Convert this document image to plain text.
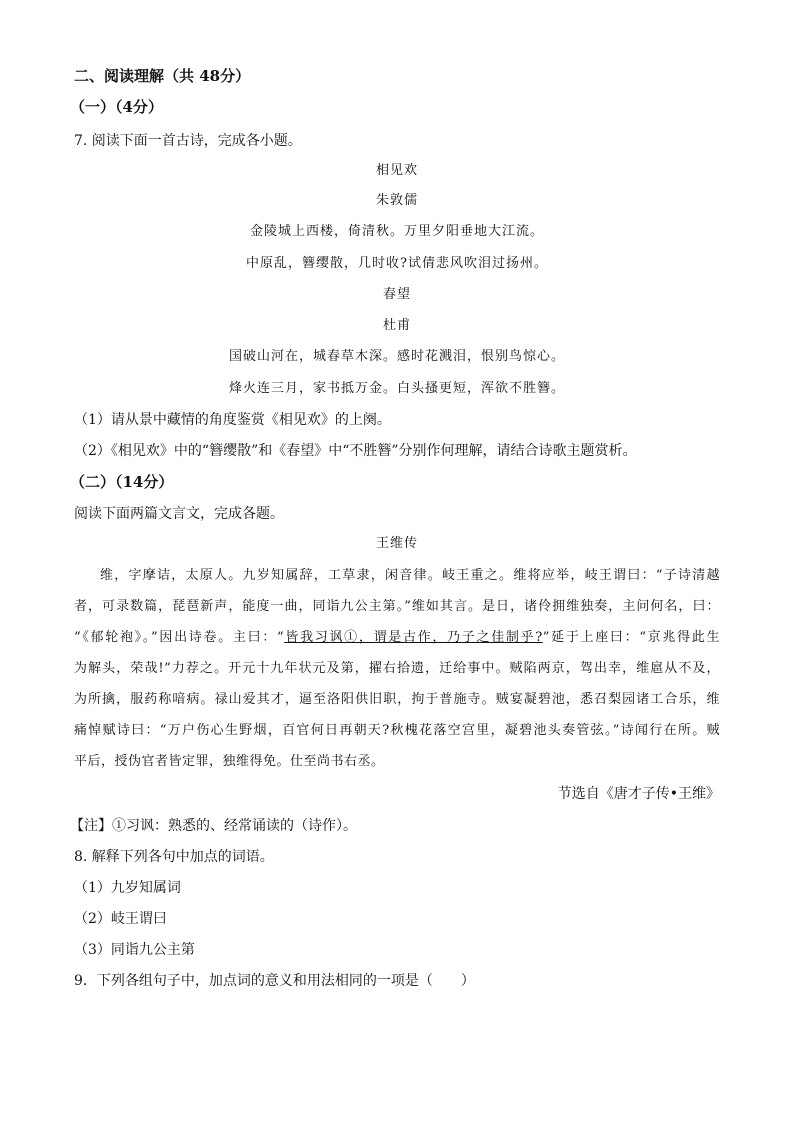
二、阅读理解（共 48分）
（一）（4分）
7. 阅读下面一首古诗，完成各小题。
相见欢
朱敦儒
金陵城上西楼，倚清秋。万里夕阳垂地大江流。
中原乱，簪缨散，几时收?试倩悲风吹泪过扬州。
春望
杜甫
国破山河在，城春草木深。感时花溅泪，恨别鸟惊心。
烽火连三月，家书抵万金。白头搔更短，浑欲不胜簪。
（1）请从景中藏情的角度鉴赏《相见欢》的上阕。
（2）《相见欢》中的“簪缨散”和《春望》中“不胜簪”分别作何理解，请结合诗歌主题赏析。
（二）（14分）
阅读下面两篇文言文，完成各题。
王维传
维，字摩诘，太原人。九岁知属辞，工草隶，闲音律。岐王重之。维将应举，岐王谓曰：“子诗清越
者，可录数篇，琵琶新声，能度一曲，同诣九公主第。”维如其言。是日，诸伶拥维独奏，主问何名，曰：
“《郁轮袍》。”因出诗卷。主曰：“皆我习讽①，谓是古作，乃子之佳制乎?”延于上座曰：“京兆得此生
为解头，荣哉!”力荐之。开元十九年状元及第，擢右拾遗，迁给事中。贼陷两京，驾出幸，维扈从不及，
为所擒，服药称喑病。禄山爱其才，逼至洛阳供旧职，拘于普施寺。贼宴凝碧池，悉召梨园诸工合乐，维
痛悼赋诗曰：“万户伤心生野烟，百官何日再朝天?秋槐花落空宫里，凝碧池头奏管弦。”诗闻行在所。贼
平后，授伪官者皆定罪，独维得免。仕至尚书右丞。
节选自《唐才子传•王维》
【注】①习讽：熟悉的、经常诵读的（诗作）。
8. 解释下列各句中加点的词语。
（1）九岁知属词
（2）岐王谓曰
（3）同诣九公主第
9．下列各组句子中，加点词的意义和用法相同的一项是（　　）
